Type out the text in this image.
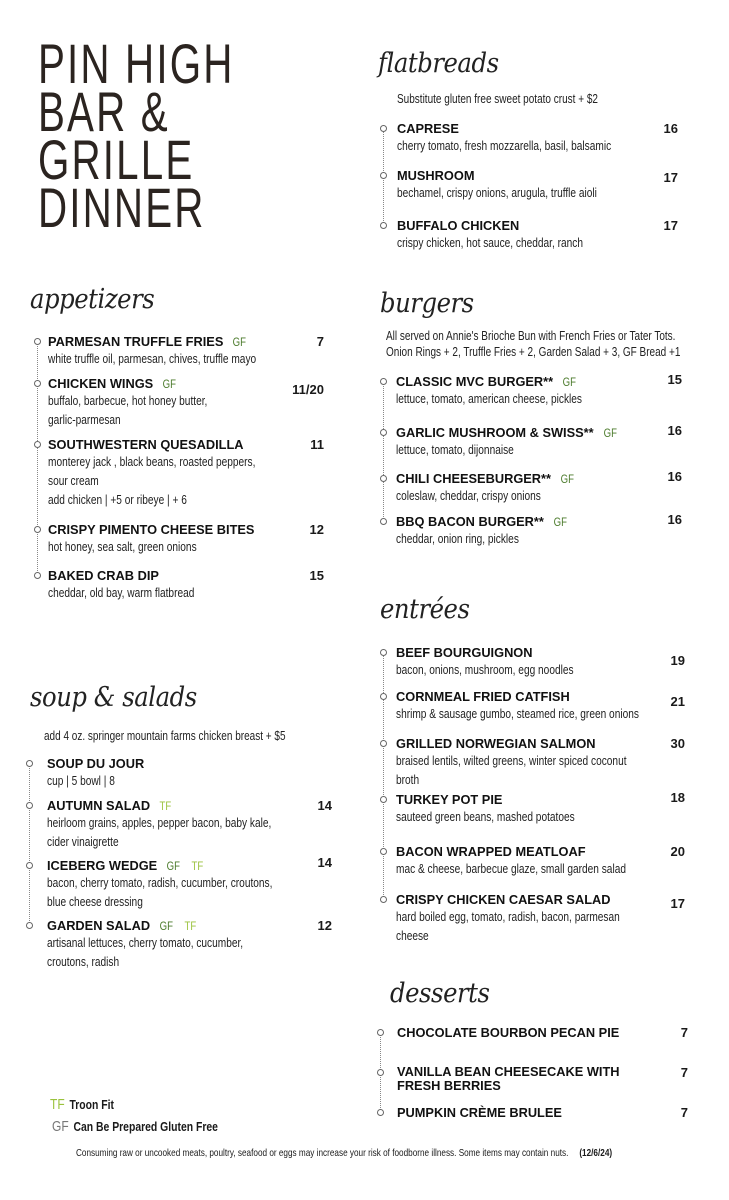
PIN HIGH
BAR &
GRILLE
DINNER
appetizers
soup & salads
add 4 oz. springer mountain farms chicken breast + $5
flatbreads
Substitute gluten free sweet potato crust + $2
burgers
All served on Annie's Brioche Bun with French Fries or Tater Tots.
Onion Rings + 2, Truffle Fries + 2, Garden Salad + 3, GF Bread +1
entrées
desserts
PARMESAN TRUFFLE FRIES GF
white truffle oil, parmesan, chives, truffle mayo
7
CHICKEN WINGS GF
buffalo, barbecue, hot honey butter,
garlic-parmesan
11/20
SOUTHWESTERN QUESADILLA
monterey jack , black beans, roasted peppers,
sour cream
add chicken | +5 or ribeye | + 6
11
CRISPY PIMENTO CHEESE BITES
hot honey, sea salt, green onions
12
BAKED CRAB DIP
cheddar, old bay, warm flatbread
15
SOUP DU JOUR
cup | 5 bowl | 8
AUTUMN SALAD TF
heirloom grains, apples, pepper bacon, baby kale,
cider vinaigrette
14
ICEBERG WEDGE GF TF
bacon, cherry tomato, radish, cucumber, croutons,
blue cheese dressing
14
GARDEN SALAD GF TF
artisanal lettuces, cherry tomato, cucumber,
croutons, radish
12
CAPRESE
cherry tomato, fresh mozzarella, basil, balsamic
16
MUSHROOM
bechamel, crispy onions, arugula, truffle aioli
17
BUFFALO CHICKEN
crispy chicken, hot sauce, cheddar, ranch
17
CLASSIC MVC BURGER** GF
lettuce, tomato, american cheese, pickles
15
GARLIC MUSHROOM & SWISS** GF
lettuce, tomato, dijonnaise
16
CHILI CHEESEBURGER** GF
coleslaw, cheddar, crispy onions
16
BBQ BACON BURGER** GF
cheddar, onion ring, pickles
16
BEEF BOURGUIGNON
bacon, onions, mushroom, egg noodles
19
CORNMEAL FRIED CATFISH
shrimp & sausage gumbo, steamed rice, green onions
21
GRILLED NORWEGIAN SALMON
braised lentils, wilted greens, winter spiced coconut
broth
30
TURKEY POT PIE
sauteed green beans, mashed potatoes
18
BACON WRAPPED MEATLOAF
mac & cheese, barbecue glaze, small garden salad
20
CRISPY CHICKEN CAESAR SALAD
hard boiled egg, tomato, radish, bacon, parmesan
cheese
17
CHOCOLATE BOURBON PECAN PIE	7
VANILLA BEAN CHEESECAKE WITH
FRESH BERRIES
7
PUMPKIN CRÈME BRULEE	7
TF Troon Fit
GF Can Be Prepared Gluten Free
Consuming raw or uncooked meats, poultry, seafood or eggs may increase your risk of foodborne illness. Some items may contain nuts. (12/6/24)
